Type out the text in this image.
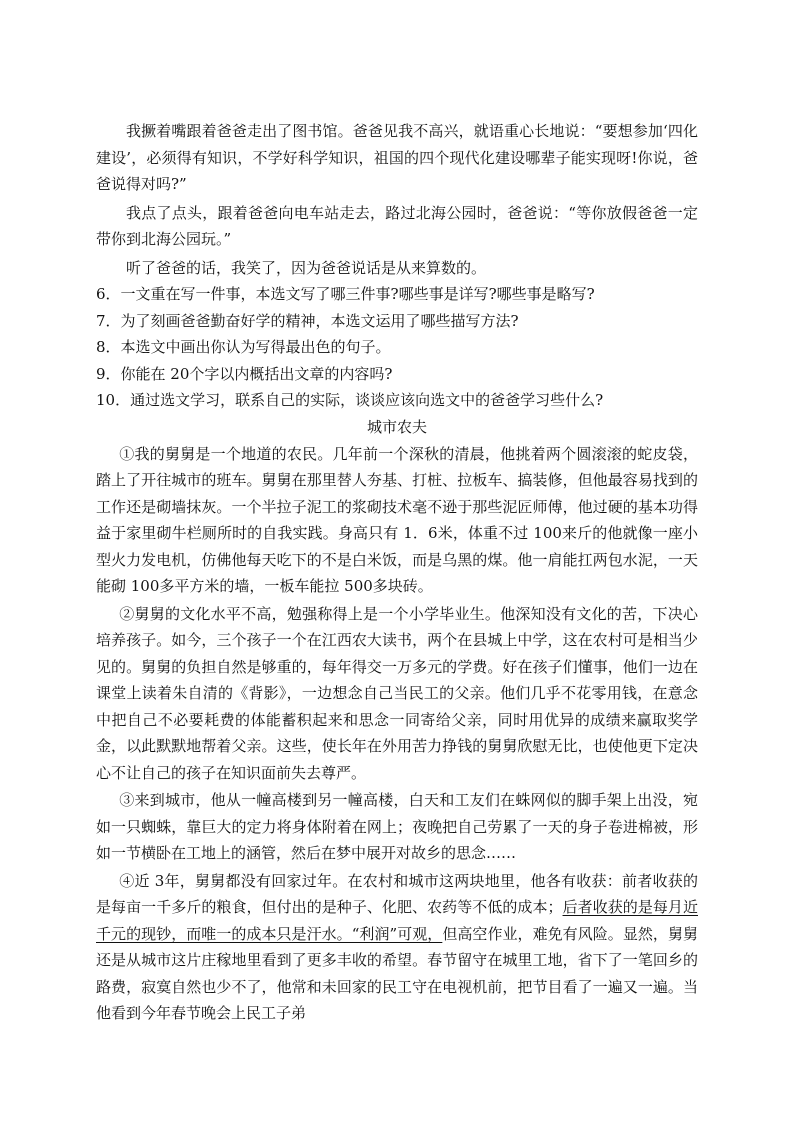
我撅着嘴跟着爸爸走出了图书馆。爸爸见我不高兴，就语重心长地说：“要想参加‘四化建设’，必须得有知识，不学好科学知识，祖国的四个现代化建设哪辈子能实现呀!你说，爸爸说得对吗?”

我点了点头，跟着爸爸向电车站走去，路过北海公园时，爸爸说：“等你放假爸爸一定带你到北海公园玩。”

听了爸爸的话，我笑了，因为爸爸说话是从来算数的。

6．一文重在写一件事，本选文写了哪三件事?哪些事是详写?哪些事是略写?

7．为了刻画爸爸勤奋好学的精神，本选文运用了哪些描写方法?

8．本选文中画出你认为写得最出色的句子。

9．你能在 20个字以内概括出文章的内容吗?

10．通过选文学习，联系自己的实际，谈谈应该向选文中的爸爸学习些什么?

城市农夫

①我的舅舅是一个地道的农民。几年前一个深秋的清晨，他挑着两个圆滚滚的蛇皮袋，踏上了开往城市的班车。舅舅在那里替人夯基、打桩、拉板车、搞装修，但他最容易找到的工作还是砌墙抹灰。一个半拉子泥工的浆砌技术毫不逊于那些泥匠师傅，他过硬的基本功得益于家里砌牛栏厕所时的自我实践。身高只有 1．6米，体重不过 100来斤的他就像一座小型火力发电机，仿佛他每天吃下的不是白米饭，而是乌黑的煤。他一肩能扛两包水泥，一天能砌 100多平方米的墙，一板车能拉 500多块砖。

②舅舅的文化水平不高，勉强称得上是一个小学毕业生。他深知没有文化的苦，下决心培养孩子。如今，三个孩子一个在江西农大读书，两个在县城上中学，这在农村可是相当少见的。舅舅的负担自然是够重的，每年得交一万多元的学费。好在孩子们懂事，他们一边在课堂上读着朱自清的《背影》，一边想念自己当民工的父亲。他们几乎不花零用钱，在意念中把自己不必要耗费的体能蓄积起来和思念一同寄给父亲，同时用优异的成绩来赢取奖学金，以此默默地帮着父亲。这些，使长年在外用苦力挣钱的舅舅欣慰无比，也使他更下定决心不让自己的孩子在知识面前失去尊严。

③来到城市，他从一幢高楼到另一幢高楼，白天和工友们在蛛网似的脚手架上出没，宛如一只蜘蛛，靠巨大的定力将身体附着在网上；夜晚把自己劳累了一天的身子卷进棉被，形如一节横卧在工地上的涵管，然后在梦中展开对故乡的思念……

④近 3年，舅舅都没有回家过年。在农村和城市这两块地里，他各有收获：前者收获的是每亩一千多斤的粮食，但付出的是种子、化肥、农药等不低的成本；后者收获的是每月近千元的现钞，而唯一的成本只是汗水。“利润”可观，但高空作业，难免有风险。显然，舅舅还是从城市这片庄稼地里看到了更多丰收的希望。春节留守在城里工地，省下了一笔回乡的路费，寂寞自然也少不了，他常和未回家的民工守在电视机前，把节目看了一遍又一遍。当他看到今年春节晚会上民工子弟
